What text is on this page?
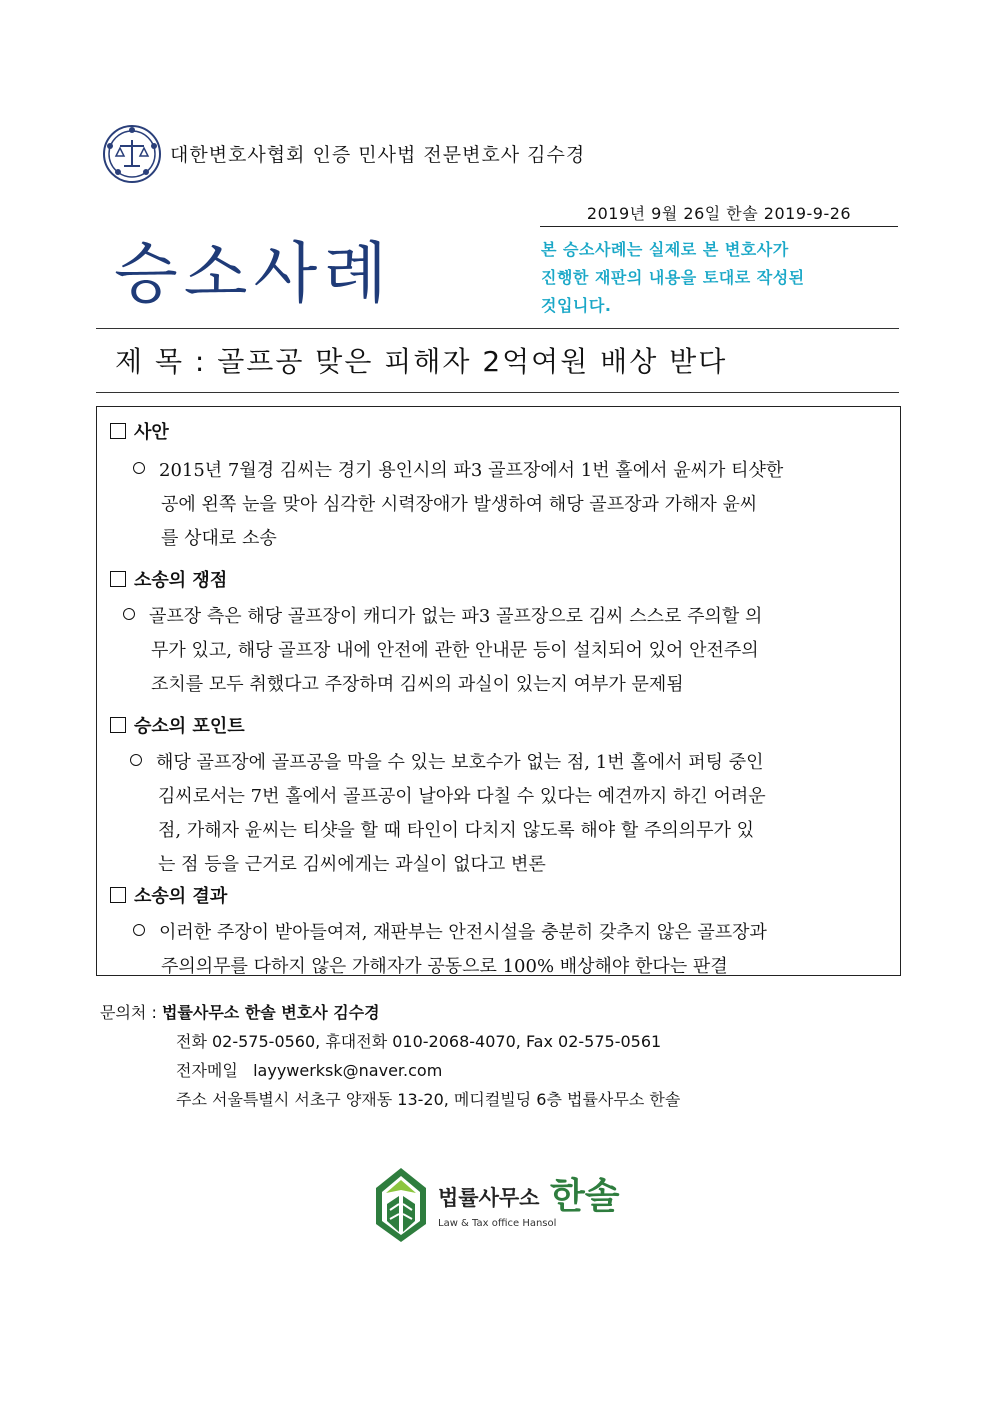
대한변호사협회 인증 민사법 전문변호사 김수경
2019년 9월 26일 한솔 2019-9-26
승소사례	본 승소사례는 실제로 본 변호사가
진행한 재판의 내용을 토대로 작성된
것입니다.
제 목 : 골프공 맞은 피해자 2억여원 배상 받다
사안
2015년 7월경 김씨는 경기 용인시의 파3 골프장에서 1번 홀에서 윤씨가 티샷한
공에 왼쪽 눈을 맞아 심각한 시력장애가 발생하여 해당 골프장과 가해자 윤씨
를 상대로 소송
소송의 쟁점
골프장 측은 해당 골프장이 캐디가 없는 파3 골프장으로 김씨 스스로 주의할 의
무가 있고, 해당 골프장 내에 안전에 관한 안내문 등이 설치되어 있어 안전주의
조치를 모두 취했다고 주장하며 김씨의 과실이 있는지 여부가 문제됨
승소의 포인트
해당 골프장에 골프공을 막을 수 있는 보호수가 없는 점, 1번 홀에서 퍼팅 중인
김씨로서는 7번 홀에서 골프공이 날아와 다칠 수 있다는 예견까지 하긴 어려운
점, 가해자 윤씨는 티샷을 할 때 타인이 다치지 않도록 해야 할 주의의무가 있
는 점 등을 근거로 김씨에게는 과실이 없다고 변론
소송의 결과
이러한 주장이 받아들여져, 재판부는 안전시설을 충분히 갖추지 않은 골프장과
주의의무를 다하지 않은 가해자가 공동으로 100% 배상해야 한다는 판결
문의처 : 법률사무소 한솔 변호사 김수경
전화 02-575-0560, 휴대전화 010-2068-4070, Fax 02-575-0561
전자메일 layywerksk@naver.com
주소 서울특별시 서초구 양재동 13-20, 메디컬빌딩 6층 법률사무소 한솔
법률사무소 한솔
Law & Tax office Hansol
